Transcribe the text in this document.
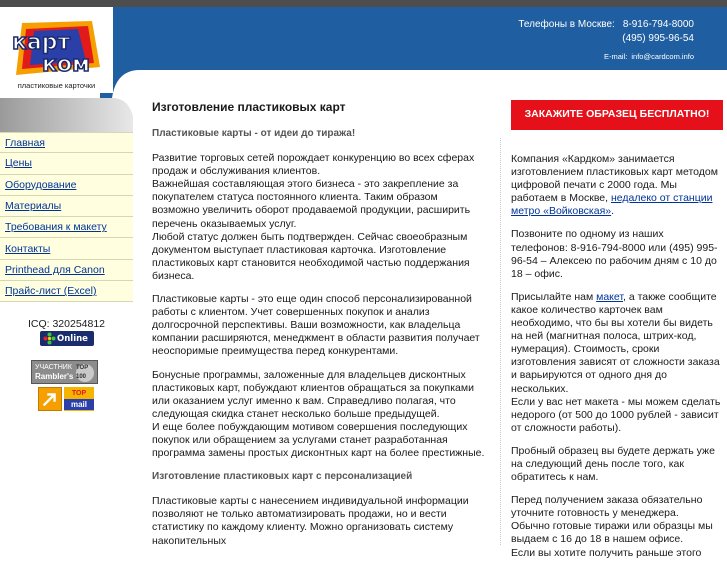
Телефоны в Москве: 8-916-794-8000
(495) 995-96-54
E-mail: info@cardcom.info
карт
ком
пластиковые карточки
Главная
Цены
Оборудование
Материалы
Требования к макету
Контакты
Printhead для Canon
Прайс-лист (Excel)
ICQ: 320254812
Online
УЧАСТНИК
Rambler's
TOP 100
TOP
mail
Изготовление пластиковых карт
Пластиковые карты - от идеи до тиража!

Развитие торговых сетей порождает конкуренцию во всех сферах продаж и обслуживания клиентов.
Важнейшая составляющая этого бизнеса - это закрепление за покупателем статуса постоянного клиента. Таким образом возможно увеличить оборот продаваемой продукции, расширить перечень оказываемых услуг.
Любой статус должен быть подтвержден. Сейчас своеобразным документом выступает пластиковая карточка. Изготовление пластиковых карт становится необходимой частью поддержания бизнеса.

Пластиковые карты - это еще один способ персонализированной работы с клиентом. Учет совершенных покупок и анализ долгосрочной перспективы. Ваши возможности, как владельца компании расширяются, менеджмент в области развития получает неоспоримые преимущества перед конкурентами.

Бонусные программы, заложенные для владельцев дисконтных пластиковых карт, побуждают клиентов обращаться за покупками или оказанием услуг именно к вам. Справедливо полагая, что следующая скидка станет несколько больше предыдущей.
И еще более побуждающим мотивом совершения последующих покупок или обращением за услугами станет разработанная программа замены простых дисконтных карт на более престижные.

Изготовление пластиковых карт с персонализацией

Пластиковые карты с нанесением индивидуальной информации позволяют не только автоматизировать продажи, но и вести статистику по каждому клиенту. Можно организовать систему накопительных

ЗАКАЖИТЕ ОБРАЗЕЦ БЕСПЛАТНО!

Компания «Кардком» занимается изготовлением пластиковых карт методом цифровой печати с 2000 года. Мы работаем в Москве, недалеко от станции метро «Войковская».

Позвоните по одному из наших телефонов: 8-916-794-8000 или (495) 995-96-54 – Алексею по рабочим дням с 10 до 18 – офис.

Присылайте нам макет, а также сообщите какое количество карточек вам необходимо, что бы вы хотели бы видеть на ней (магнитная полоса, штрих-код, нумерация). Стоимость, сроки изготовления зависят от сложности заказа и варьируются от одного дня до нескольких.
Если у вас нет макета - мы можем сделать недорого (от 500 до 1000 рублей - зависит от сложности работы).

Пробный образец вы будете держать уже на следующий день после того, как обратитесь к нам.

Перед получением заказа обязательно уточните готовность у менеджера.
Обычно готовые тиражи или образцы мы выдаем с 16 до 18 в нашем офисе.
Если вы хотите получить раньше этого
